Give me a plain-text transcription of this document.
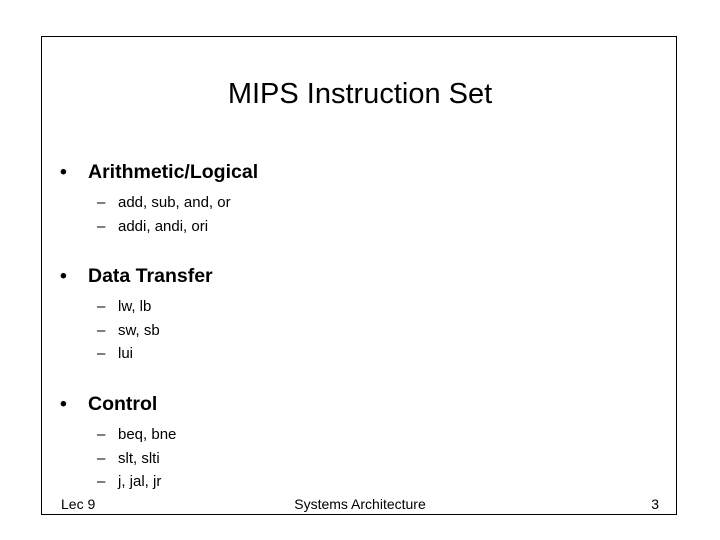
MIPS Instruction Set
•	Arithmetic/Logical
– add, sub, and, or
– addi, andi, ori
•	Data Transfer
– lw, lb
– sw, sb
– lui
•	Control
– beq, bne
– slt, slti
– j, jal, jr
Lec 9	Systems Architecture	3
